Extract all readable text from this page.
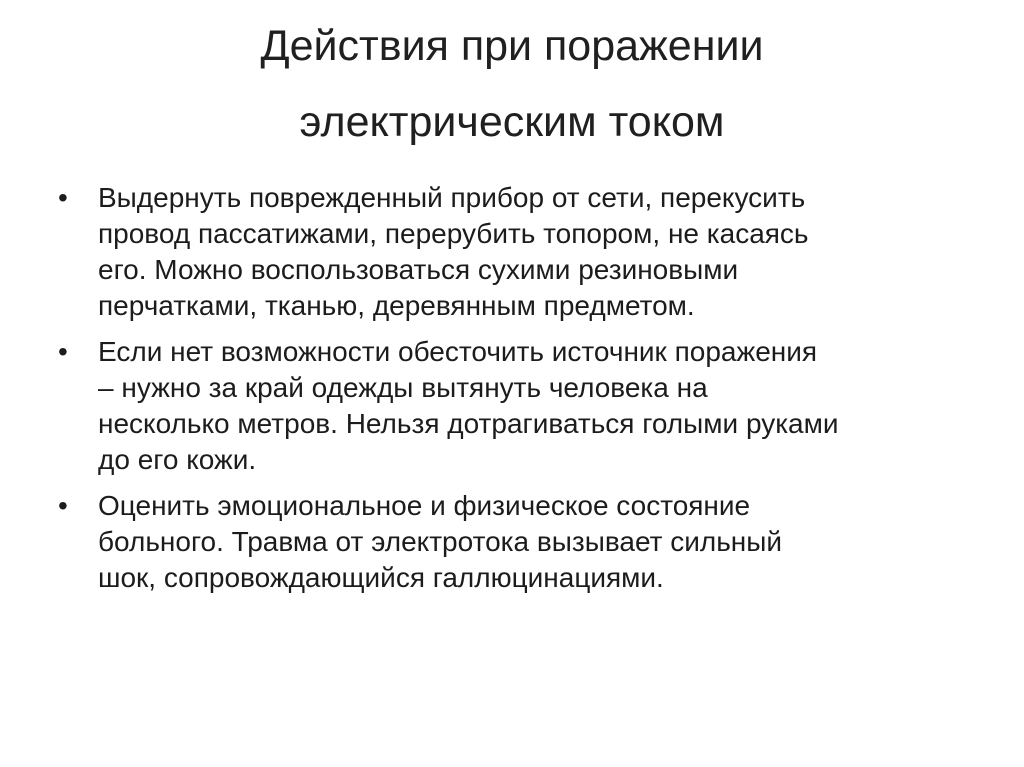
Действия при поражении
электрическим током
•	Выдернуть поврежденный прибор от сети, перекусить
провод пассатижами, перерубить топором, не касаясь
его. Можно воспользоваться сухими резиновыми
перчатками, тканью, деревянным предметом.
•	Если нет возможности обесточить источник поражения
– нужно за край одежды вытянуть человека на
несколько метров. Нельзя дотрагиваться голыми руками
до его кожи.
•	Оценить эмоциональное и физическое состояние
больного. Травма от электротока вызывает сильный
шок, сопровождающийся галлюцинациями.
